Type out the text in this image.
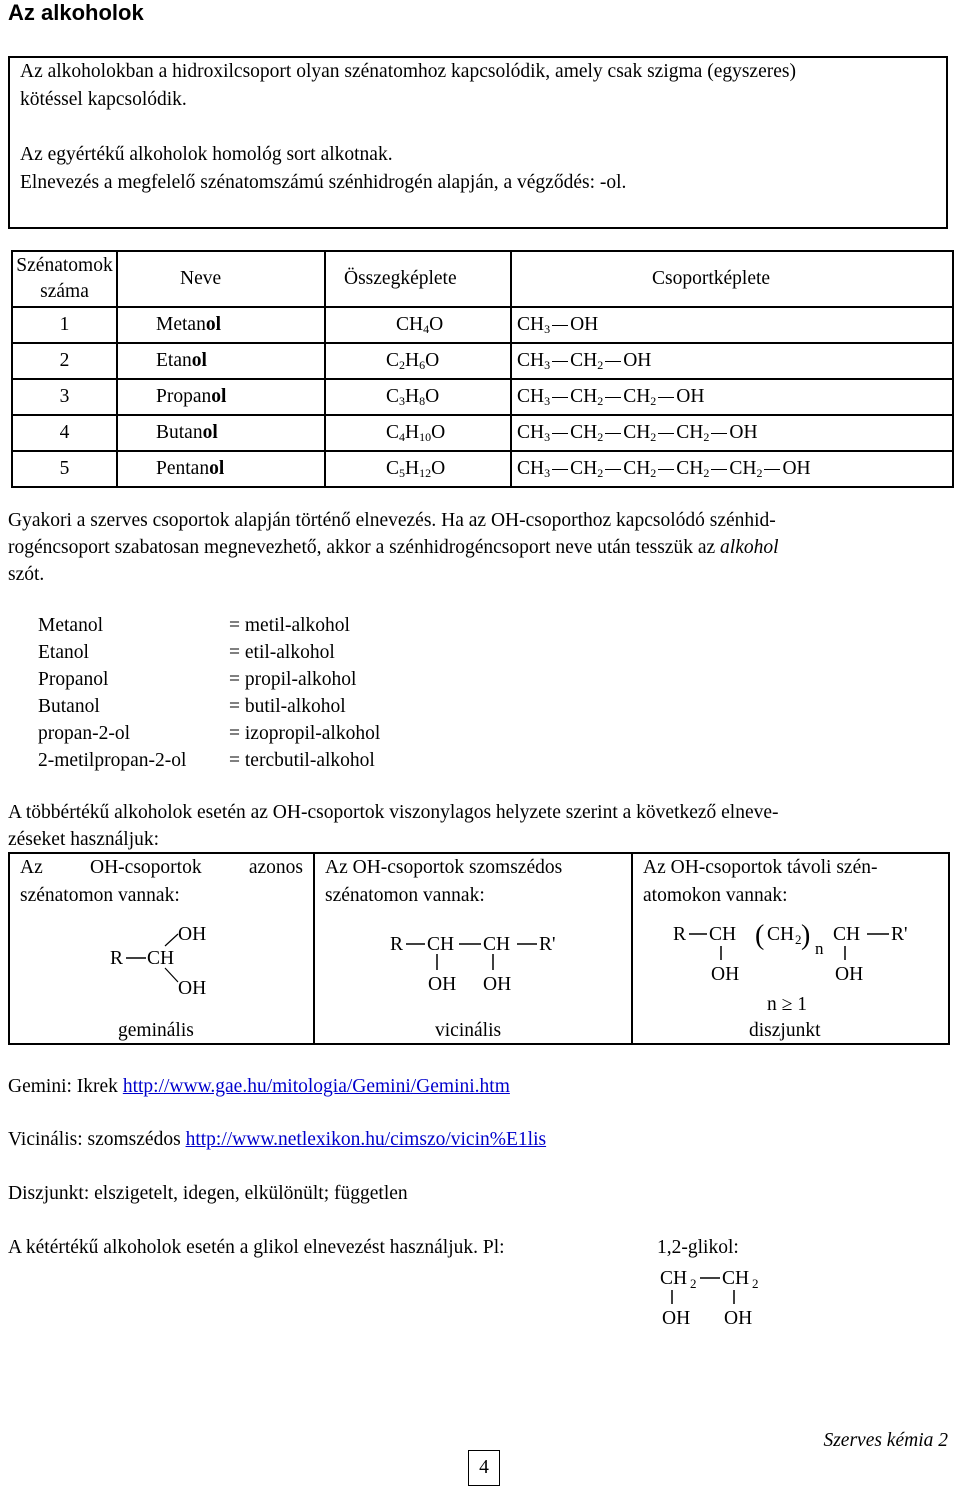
Az alkoholok
Az alkoholokban a hidroxilcsoport olyan szénatomhoz kapcsolódik, amely csak szigma (egyszeres)
kötéssel kapcsolódik.
Az egyértékű alkoholok homológ sort alkotnak.
Elnevezés a megfelelő szénatomszámú szénhidrogén alapján, a végződés: -ol.
Szénatomok
száma	Neve	Összegképlete	Csoportképlete
1	Metanol	$CH_4O$	$CH_3$ OH
2	Etanol	$C_2H_6O$	$CH_3$ $CH_2$ OH
3	Propanol	$C_3H_8O$	$CH_3$ $CH_2$ $CH_2$ OH
4	Butanol	$C_4H_{10}O$	$CH_3$ $CH_2$ $CH_2$ $CH_2$ OH
5	Pentanol	$C_5H_{12}O$	$CH_3$ $CH_2$ $CH_2$ $CH_2$ $CH_2$ OH
Gyakori a szerves csoportok alapján történő elnevezés. Ha az OH-csoporthoz kapcsolódó szénhid-
rogéncsoport szabatosan megnevezhető, akkor a szénhidrogéncsoport neve után tesszük az alkohol
szót.
Metanol	= metil-alkohol
Etanol	= etil-alkohol
Propanol	= propil-alkohol
Butanol	= butil-alkohol
propan-2-ol	= izopropil-alkohol
2-metilpropan-2-ol = tercbutil-alkohol
A többértékű alkoholok esetén az OH-csoportok viszonylagos helyzete szerint a következő elneve-
zéseket használjuk:
Az OH-csoportok azonos
szénatomon vannak:
R CH
OH
OH
geminális
Az OH-csoportok szomszédos
szénatomon vannak:
R CH CH R'
OH OH
vicinális
Az OH-csoportok távoli szén-
atomokon vannak:
R CH ( CH 2 ) n
CH R'
OH	OH
n ≥ 1
diszjunkt
Gemini: Ikrek http://www.gae.hu/mitologia/Gemini/Gemini.htm
Vicinális: szomszédos http://www.netlexikon.hu/cimszo/vicin%E1lis
Diszjunkt: elszigetelt, idegen, elkülönült; független
A kétértékű alkoholok esetén a glikol elnevezést használjuk. Pl:	1,2-glikol:
CH 2 CH 2
OH OH
Szerves kémia 2
4
